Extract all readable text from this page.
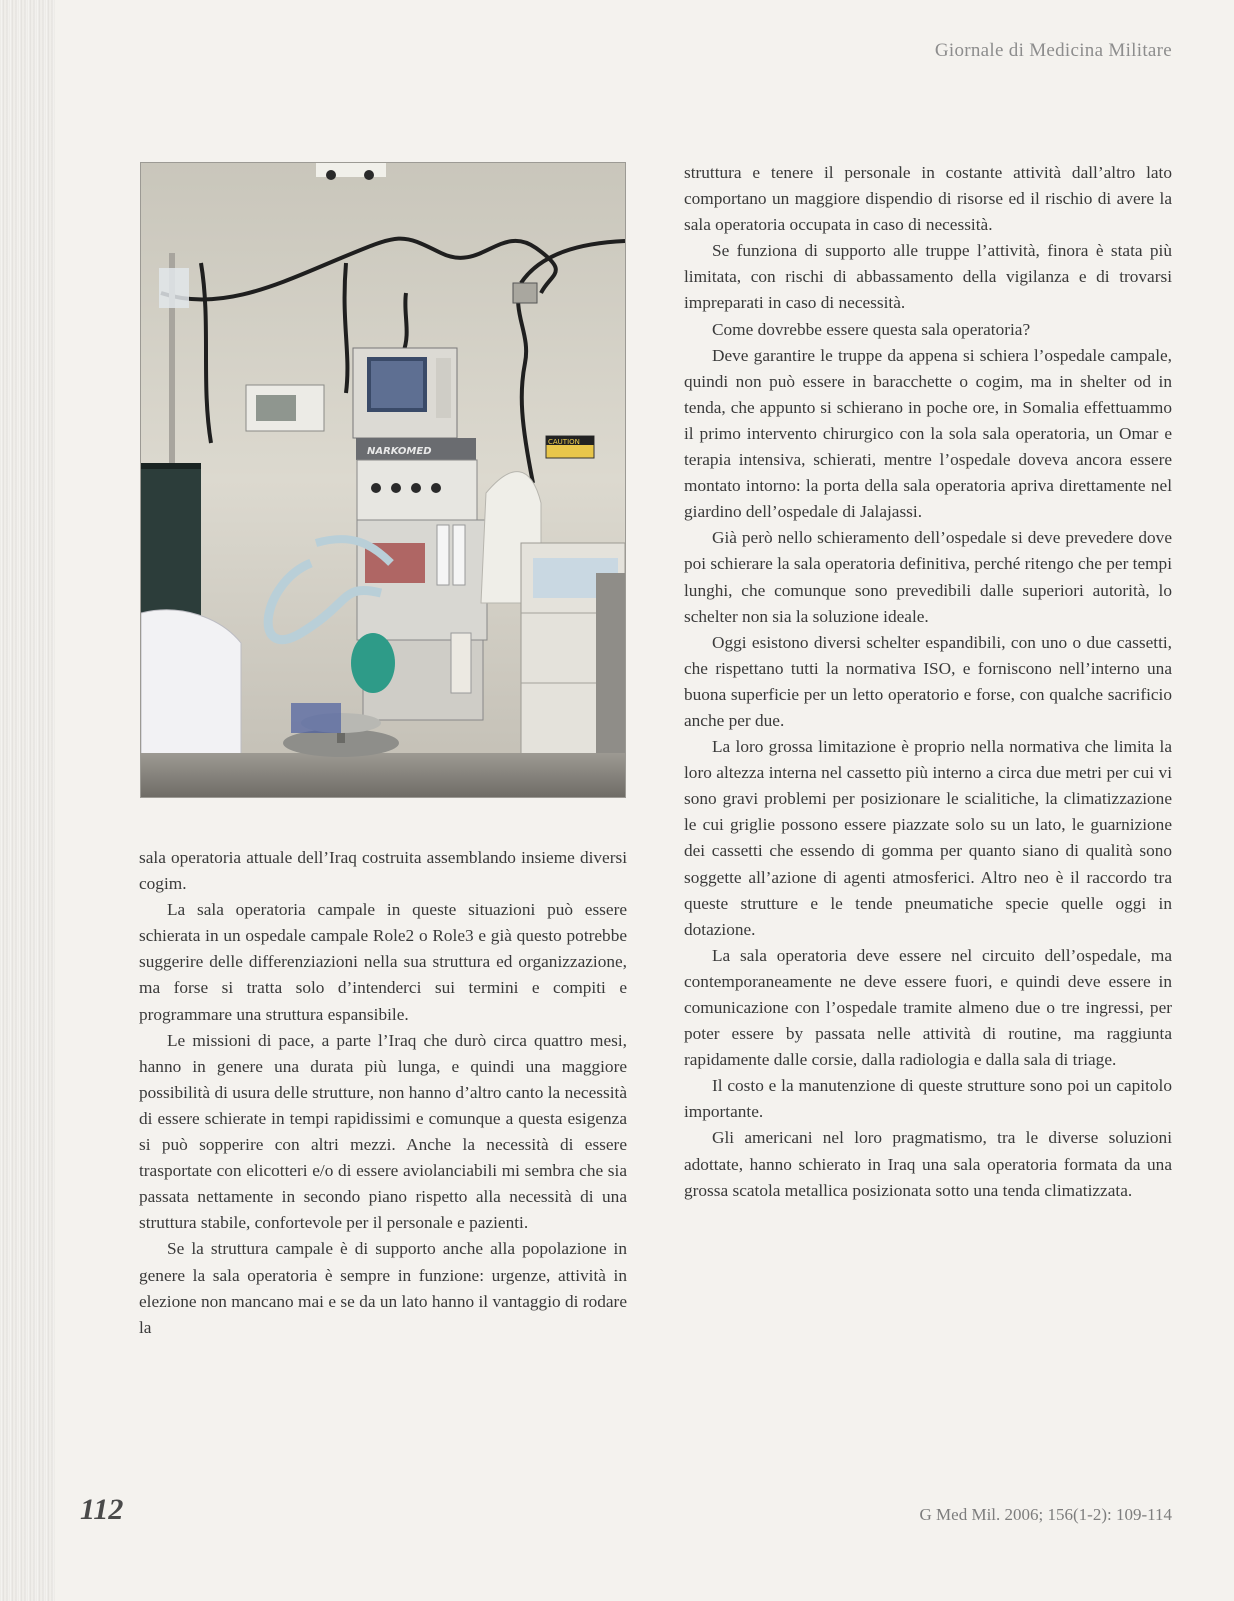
Giornale di Medicina Militare
NARKOMED
CAUTION

sala operatoria attuale dell’Iraq costruita assemblando insieme diversi cogim.

La sala operatoria campale in queste situazioni può essere schierata in un ospedale campale Role2 o Role3 e già questo potrebbe suggerire delle differenziazioni nella sua struttura ed organizzazione, ma forse si tratta solo d’intenderci sui termini e compiti e programmare una struttura espansibile.

Le missioni di pace, a parte l’Iraq che durò circa quattro mesi, hanno in genere una durata più lunga, e quindi una maggiore possibilità di usura delle strutture, non hanno d’altro canto la necessità di essere schierate in tempi rapidissimi e comunque a questa esigenza si può sopperire con altri mezzi. Anche la necessità di essere trasportate con elicotteri e/o di essere aviolanciabili mi sembra che sia passata nettamente in secondo piano rispetto alla necessità di una struttura stabile, confortevole per il personale e pazienti.

Se la struttura campale è di supporto anche alla popolazione in genere la sala operatoria è sempre in funzione: urgenze, attività in elezione non mancano mai e se da un lato hanno il vantaggio di rodare la

struttura e tenere il personale in costante attività dall’altro lato comportano un maggiore dispendio di risorse ed il rischio di avere la sala operatoria occupata in caso di necessità.

Se funziona di supporto alle truppe l’attività, finora è stata più limitata, con rischi di abbassamento della vigilanza e di trovarsi impreparati in caso di necessità.

Come dovrebbe essere questa sala operatoria?

Deve garantire le truppe da appena si schiera l’ospedale campale, quindi non può essere in baracchette o cogim, ma in shelter od in tenda, che appunto si schierano in poche ore, in Somalia effettuammo il primo intervento chirurgico con la sola sala operatoria, un Omar e terapia intensiva, schierati, mentre l’ospedale doveva ancora essere montato intorno: la porta della sala operatoria apriva direttamente nel giardino dell’ospedale di Jalajassi.

Già però nello schieramento dell’ospedale si deve prevedere dove poi schierare la sala operatoria definitiva, perché ritengo che per tempi lunghi, che comunque sono prevedibili dalle superiori autorità, lo schelter non sia la soluzione ideale.

Oggi esistono diversi schelter espandibili, con uno o due cassetti, che rispettano tutti la normativa ISO, e forniscono nell’interno una buona superficie per un letto operatorio e forse, con qualche sacrificio anche per due.

La loro grossa limitazione è proprio nella normativa che limita la loro altezza interna nel cassetto più interno a circa due metri per cui vi sono gravi problemi per posizionare le scialitiche, la climatizzazione le cui griglie possono essere piazzate solo su un lato, le guarnizione dei cassetti che essendo di gomma per quanto siano di qualità sono soggette all’azione di agenti atmosferici. Altro neo è il raccordo tra queste strutture e le tende pneumatiche specie quelle oggi in dotazione.

La sala operatoria deve essere nel circuito dell’ospedale, ma contemporaneamente ne deve essere fuori, e quindi deve essere in comunicazione con l’ospedale tramite almeno due o tre ingressi, per poter essere by passata nelle attività di routine, ma raggiunta rapidamente dalle corsie, dalla radiologia e dalla sala di triage.

Il costo e la manutenzione di queste strutture sono poi un capitolo importante.

Gli americani nel loro pragmatismo, tra le diverse soluzioni adottate, hanno schierato in Iraq una sala operatoria formata da una grossa scatola metallica posizionata sotto una tenda climatizzata.

112	G Med Mil. 2006; 156(1-2): 109-114
